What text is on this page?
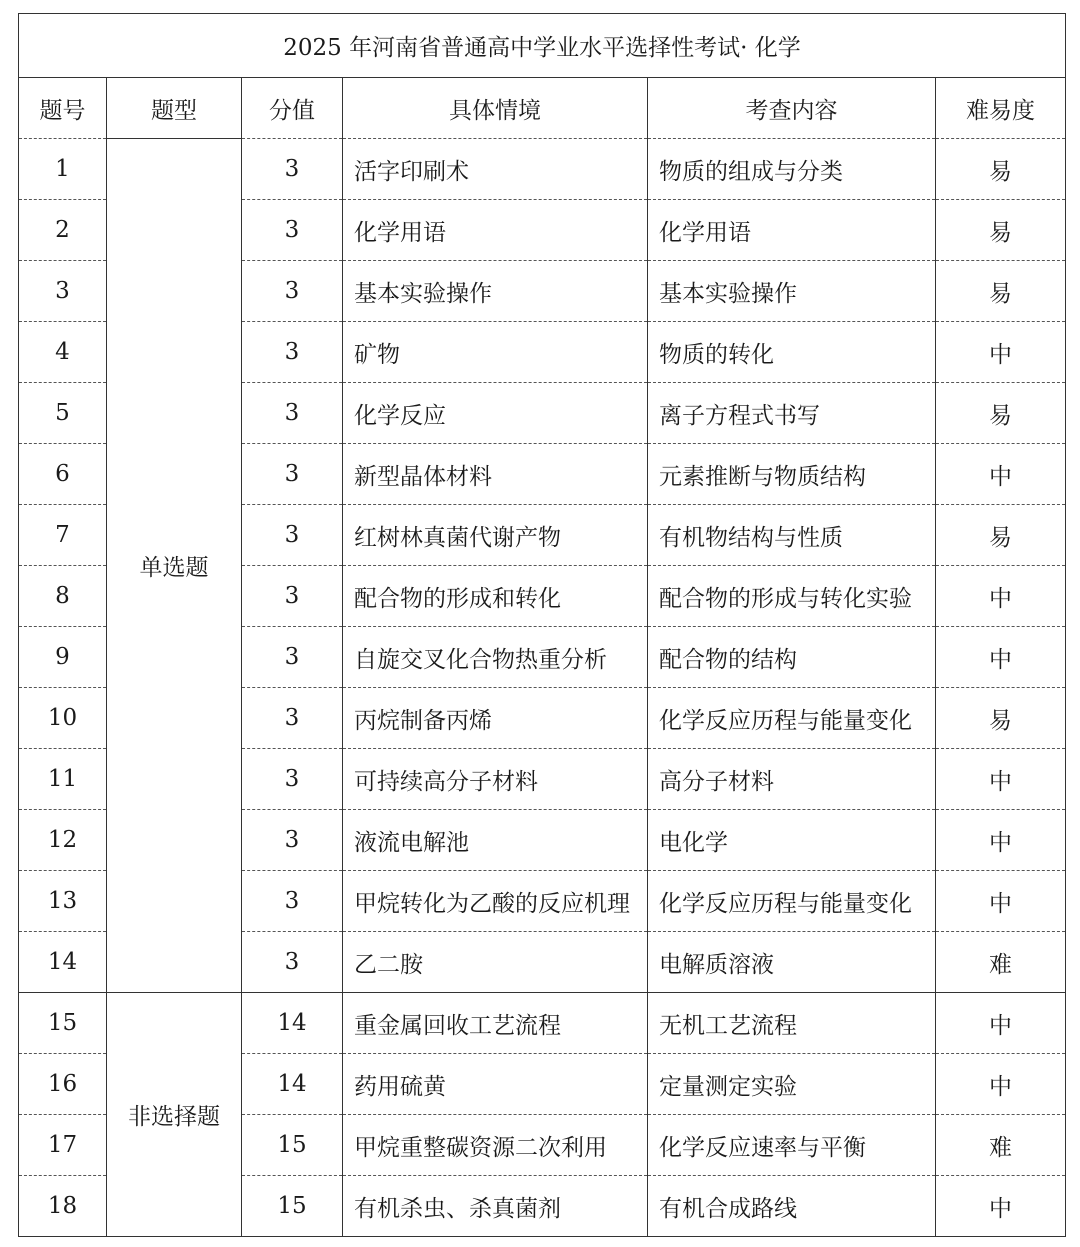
2025 年河南省普通高中学业水平选择性考试· 化学					
题号	题型	分值	具体情境	考查内容	难易度
1	单选题	3	活字印刷术	物质的组成与分类	易
2		3	化学用语	化学用语	易
3		3	基本实验操作	基本实验操作	易
4		3	矿物	物质的转化	中
5		3	化学反应	离子方程式书写	易
6		3	新型晶体材料	元素推断与物质结构	中
7		3	红树林真菌代谢产物	有机物结构与性质	易
8		3	配合物的形成和转化	配合物的形成与转化实验	中
9		3	自旋交叉化合物热重分析	配合物的结构	中
10		3	丙烷制备丙烯	化学反应历程与能量变化	易
11		3	可持续高分子材料	高分子材料	中
12		3	液流电解池	电化学	中
13		3	甲烷转化为乙酸的反应机理	化学反应历程与能量变化	中
14		3	乙二胺	电解质溶液	难
15	非选择题	14	重金属回收工艺流程	无机工艺流程	中
16		14	药用硫黄	定量测定实验	中
17		15	甲烷重整碳资源二次利用	化学反应速率与平衡	难
18		15	有机杀虫、杀真菌剂	有机合成路线	中
